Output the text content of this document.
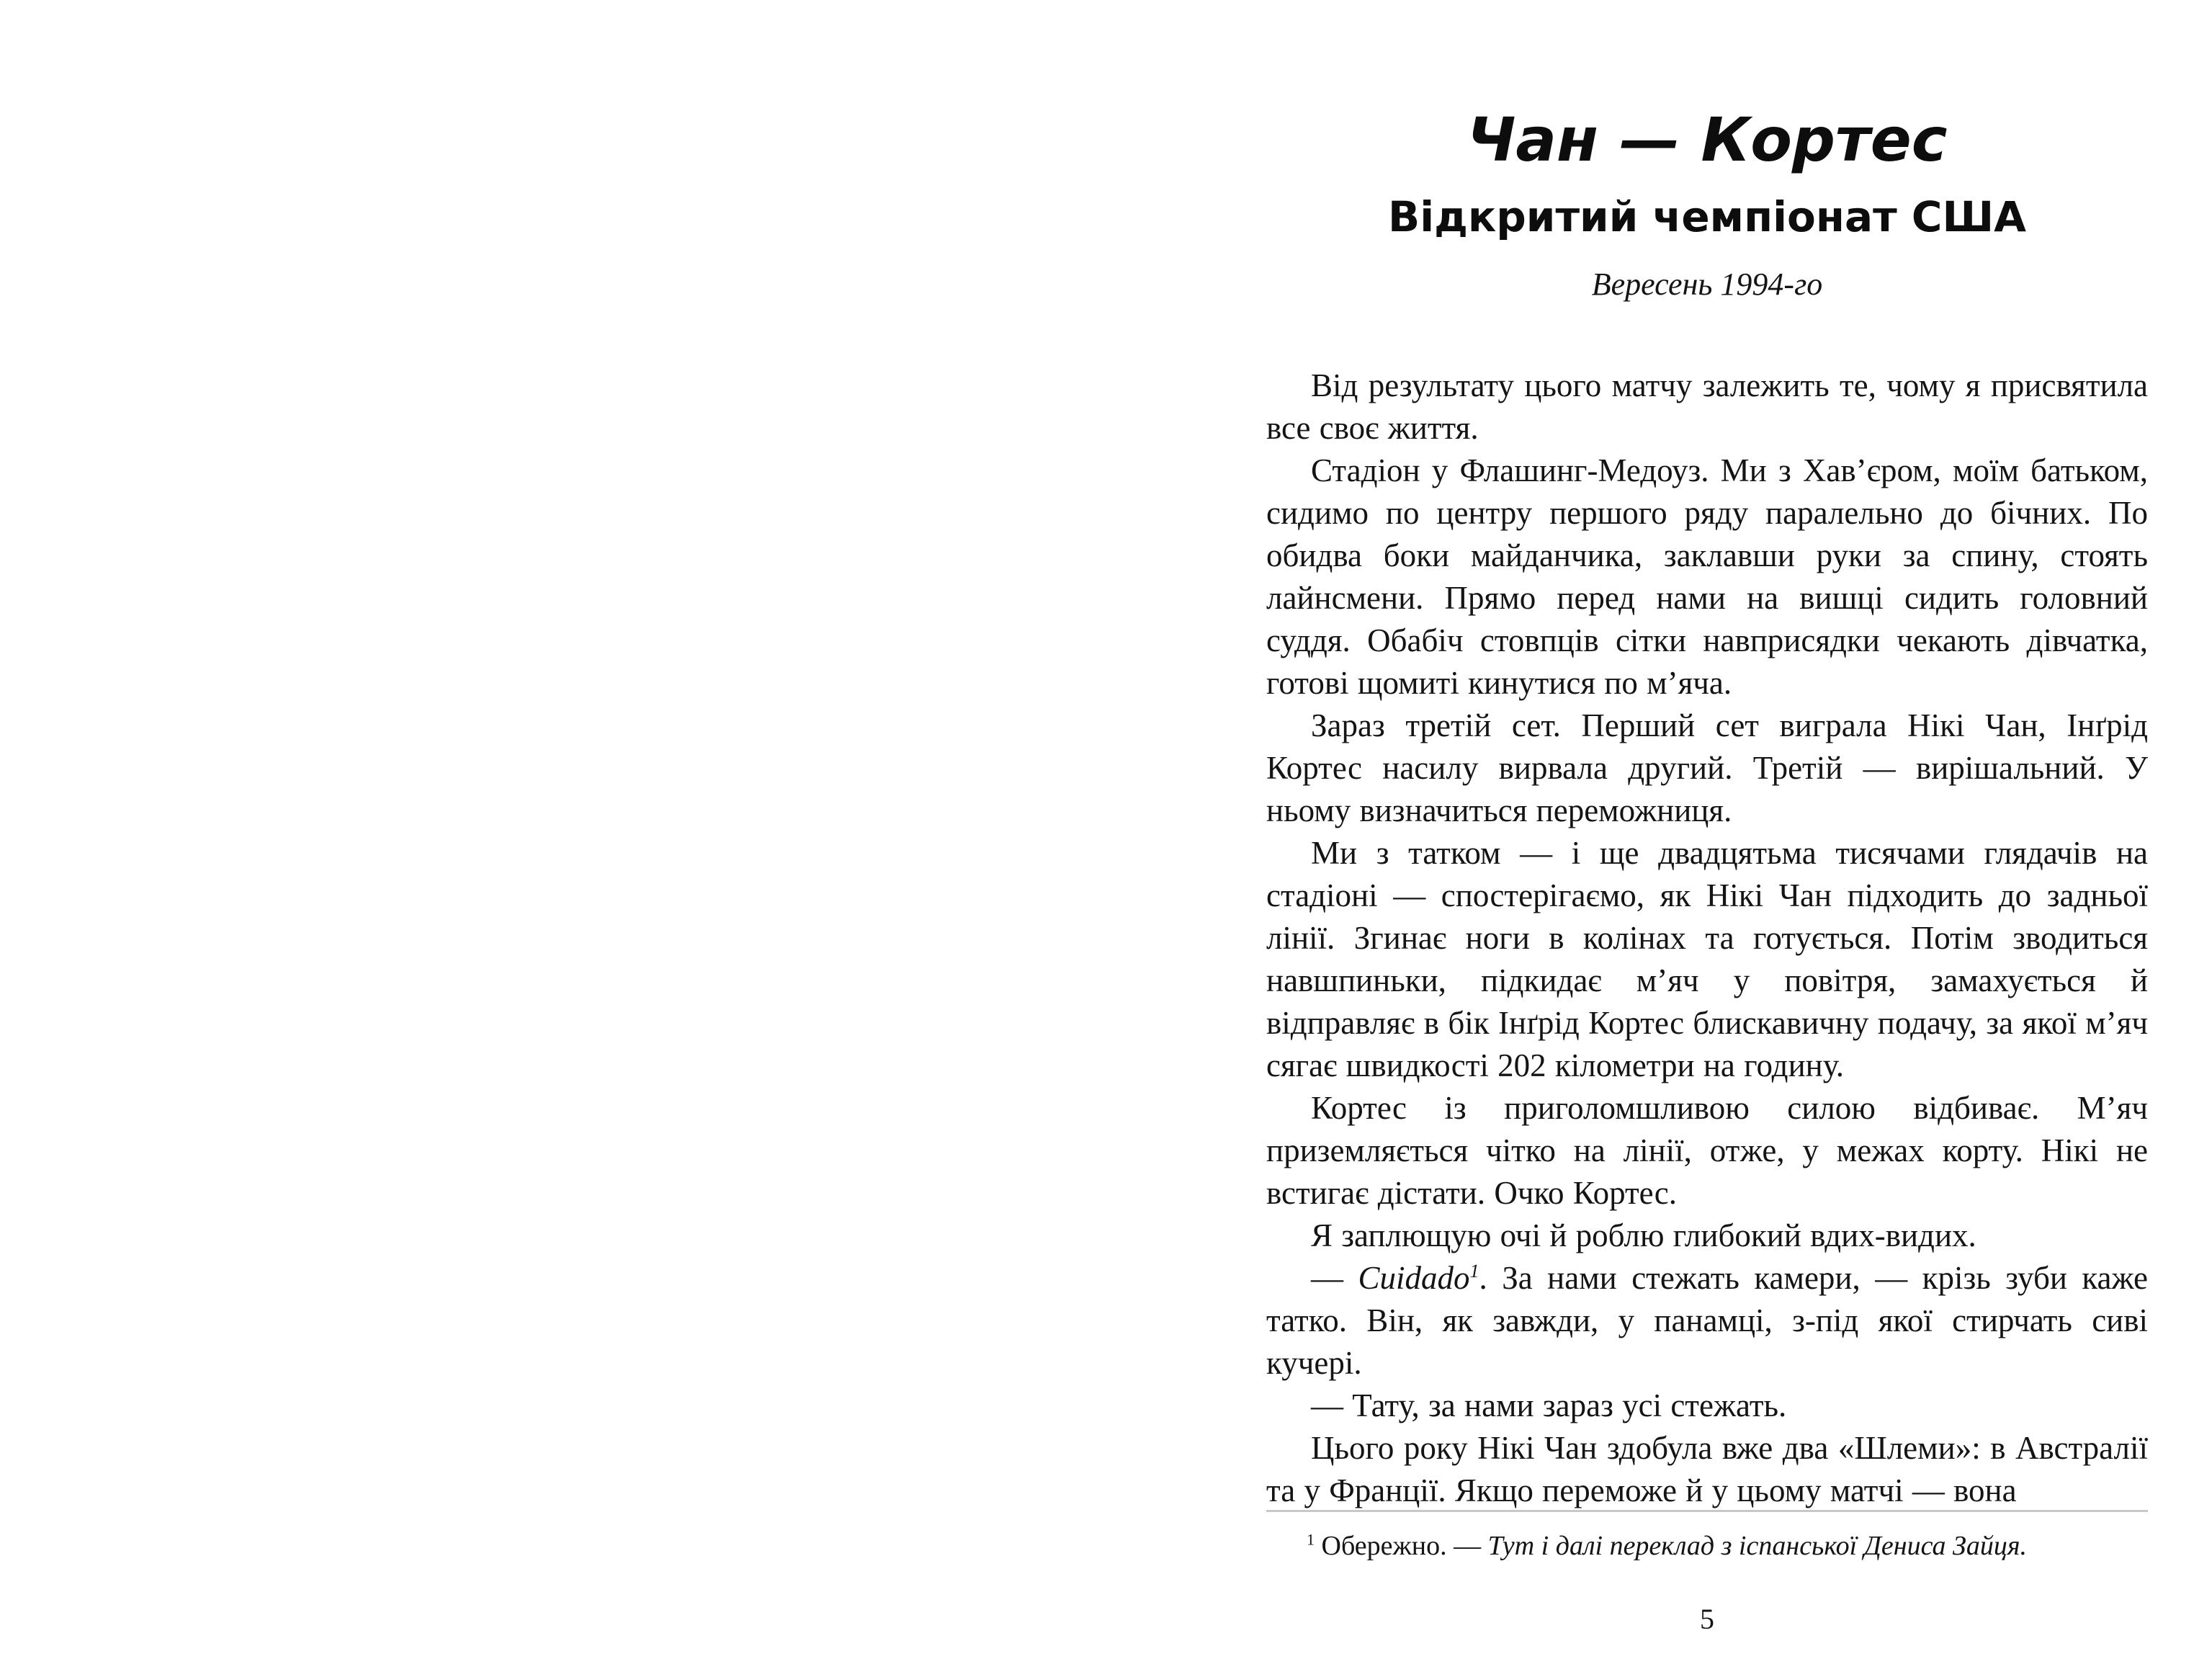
Чан — Кортес
Відкритий чемпіонат США
Вересень 1994-го

Від результату цього матчу залежить те, чому я присвятила все своє життя.

Стадіон у Флашинг-Медоуз. Ми з Хав’єром, моїм батьком, сидимо по центру першого ряду паралельно до бічних. По обидва боки майданчика, заклавши руки за спину, стоять лайнсмени. Прямо перед нами на вишці сидить головний суддя. Обабіч стовпців сітки навприсядки чекають дівчатка, готові щомиті кинутися по м’яча.

Зараз третій сет. Перший сет виграла Нікі Чан, Інґрід Кортес насилу вирвала другий. Третій — вирішальний. У ньому визначиться переможниця.

Ми з татком — і ще двадцятьма тисячами глядачів на стадіоні — спостерігаємо, як Нікі Чан підходить до задньої лінії. Згинає ноги в колінах та готується. Потім зводиться навшпиньки, підкидає м’яч у повітря, замахується й відправляє в бік Інґрід Кортес блискавичну подачу, за якої м’яч сягає швидкості 202 кілометри на годину.

Кортес із приголомшливою силою відбиває. М’яч приземляється чітко на лінії, отже, у межах корту. Нікі не встигає дістати. Очко Кортес.

Я заплющую очі й роблю глибокий вдих-видих.

— Cuidado$^1$. За нами стежать камери, — крізь зуби каже татко. Він, як завжди, у панамці, з-під якої стирчать сиві кучері.

— Тату, за нами зараз усі стежать.

Цього року Нікі Чан здобула вже два «Шлеми»: в Австралії та у Франції. Якщо переможе й у цьому матчі — вона

$^1$ Обережно. — Тут і далі переклад з іспанської Дениса Зайця.
5
